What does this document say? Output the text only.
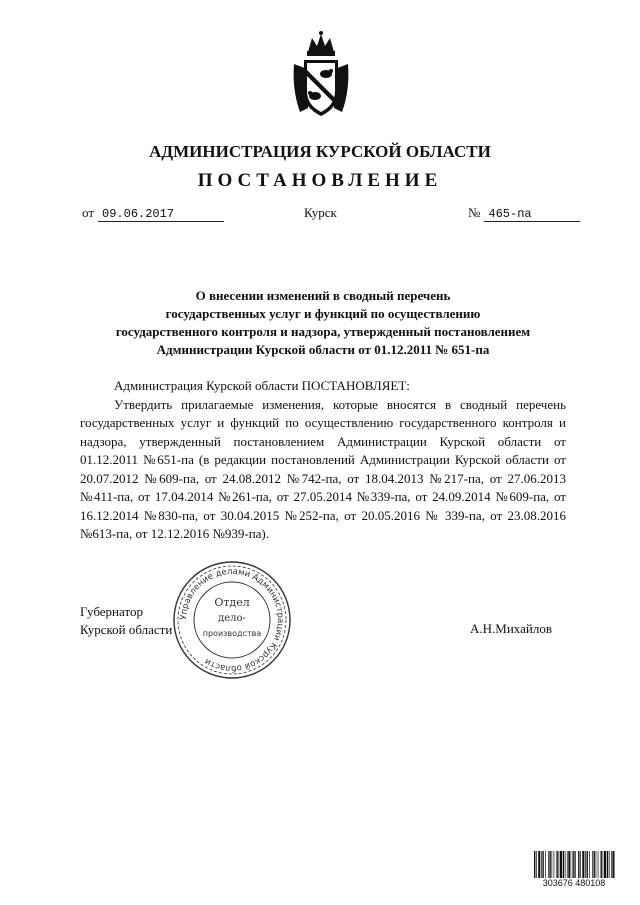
АДМИНИСТРАЦИЯ КУРСКОЙ ОБЛАСТИ
ПОСТАНОВЛЕНИЕ
от 09.06.2017	Курск	№ 465-па
О внесении изменений в сводный перечень
государственных услуг и функций по осуществлению
государственного контроля и надзора, утвержденный постановлением
Администрации Курской области от 01.12.2011 № 651-па

Администрация Курской области ПОСТАНОВЛЯЕТ:

Утвердить прилагаемые изменения, которые вносятся в сводный перечень государственных услуг и функций по осуществлению государственного контроля и надзора, утвержденный постановлением Администрации Курской области от 01.12.2011 №651-па (в редакции постановлений Администрации Курской области от 20.07.2012 №609-па, от 24.08.2012 №742-па, от 18.04.2013 №217-па, от 27.06.2013 №411-па, от 17.04.2014 №261-па, от 27.05.2014 №339-па, от 24.09.2014 №609-па, от 16.12.2014 №830-па, от 30.04.2015 №252-па, от 20.05.2016 № 339-па, от 23.08.2016 №613-па, от 12.12.2016 №939-па).

Управление делами Администрации Курской области
Отдел
дело-
производства
Губернатор
Курской области	А.Н.Михайлов
303676 480108
